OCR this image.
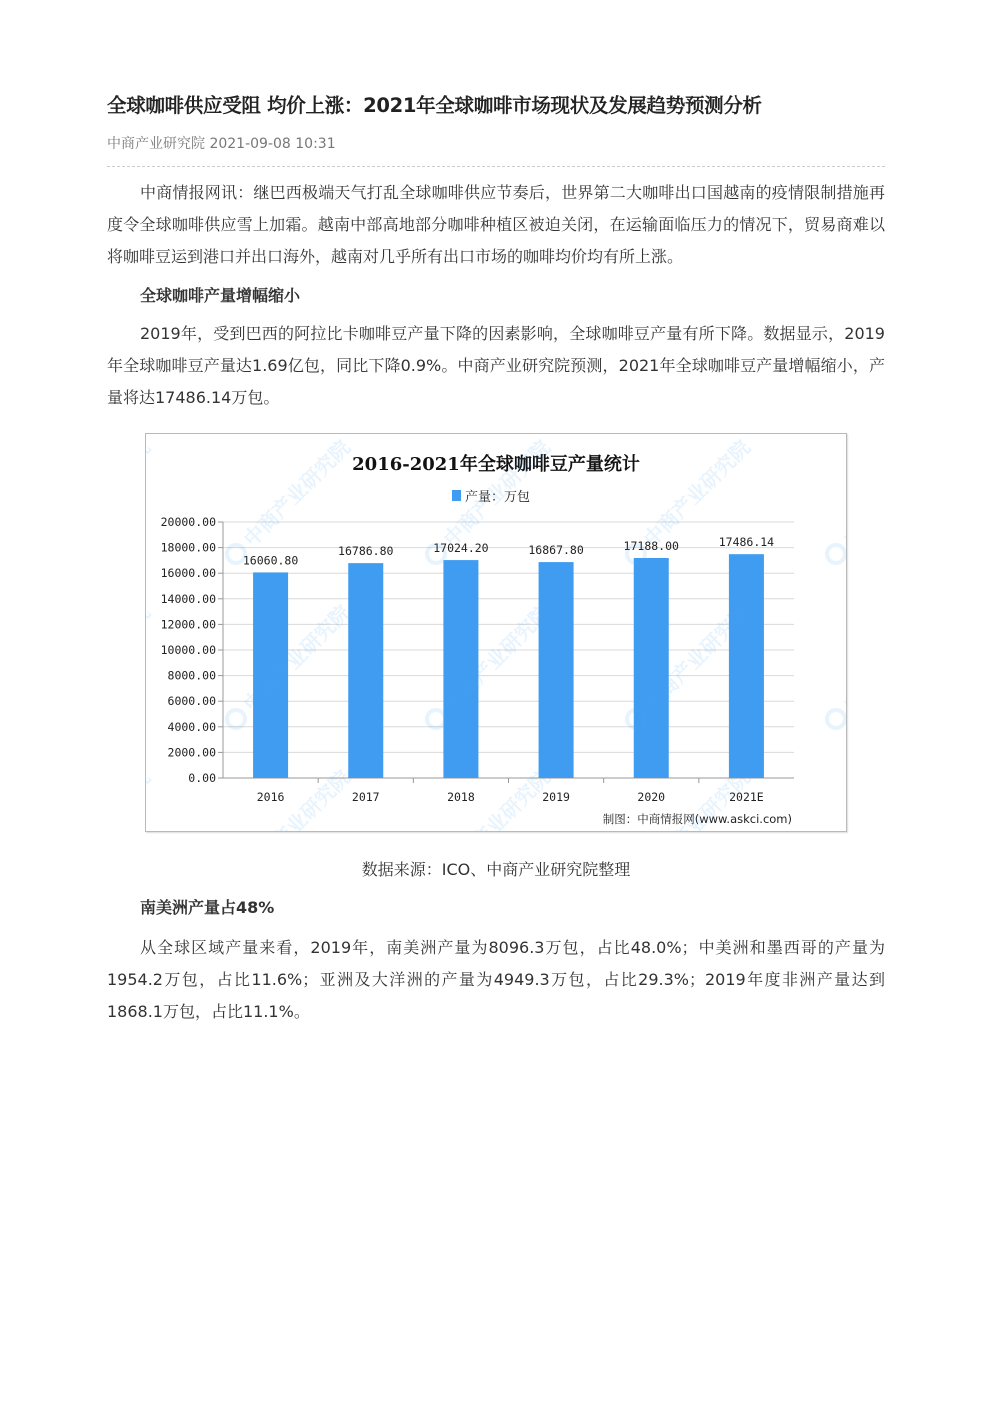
全球咖啡供应受阻 均价上涨：2021年全球咖啡市场现状及发展趋势预测分析
中商产业研究院 2021-09-08 10:31

中商情报网讯：继巴西极端天气打乱全球咖啡供应节奏后，世界第二大咖啡出口国越南的疫情限制措施再度令全球咖啡供应雪上加霜。越南中部高地部分咖啡种植区被迫关闭，在运输面临压力的情况下，贸易商难以将咖啡豆运到港口并出口海外，越南对几乎所有出口市场的咖啡均价均有所上涨。

全球咖啡产量增幅缩小

2019年，受到巴西的阿拉比卡咖啡豆产量下降的因素影响，全球咖啡豆产量有所下降。数据显示，2019年全球咖啡豆产量达1.69亿包，同比下降0.9%。中商产业研究院预测，2021年全球咖啡豆产量增幅缩小，产量将达17486.14万包。

数据来源：ICO、中商产业研究院整理
南美洲产量占48%

从全球区域产量来看，2019年，南美洲产量为8096.3万包，占比48.0%；中美洲和墨西哥的产量为1954.2万包，占比11.6%；亚洲及大洋洲的产量为4949.3万包，占比29.3%；2019年度非洲产量达到1868.1万包，占比11.1%。
